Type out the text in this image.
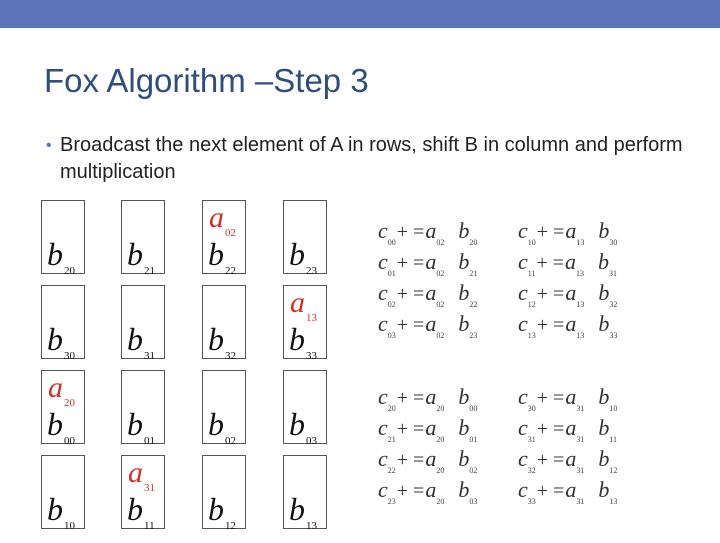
Fox Algorithm –Step 3
• Broadcast the next element of A in rows, shift B in column and perform multiplication
$b_{20}$ $b_{21}$
$a_{02}$
$b_{22}$ $b_{23}$
$b_{30}$ $b_{31}$ $b_{32}$
$a_{13}$
$b_{33}$
$a_{20}$
$b_{00}$ $b_{01}$ $b_{02}$ $b_{03}$
$b_{10}$
$a_{31}$
$b_{11}$ $b_{12}$ $b_{13}$
$c_{00}+ =a_{02}$ $b_{20}$ $c_{10}+ =a_{13}$ $b_{30}$
$c_{01}+ =a_{02}$ $b_{21}$ $c_{11}+ =a_{13}$ $b_{31}$
$c_{02}+ =a_{02}$ $b_{22}$ $c_{12}+ =a_{13}$ $b_{32}$
$c_{03}+ =a_{02}$ $b_{23}$ $c_{13}+ =a_{13}$ $b_{33}$
$c_{20}+ =a_{20}$ $b_{00}$ $c_{30}+ =a_{31}$ $b_{10}$
$c_{21}+ =a_{20}$ $b_{01}$ $c_{31}+ =a_{31}$ $b_{11}$
$c_{22}+ =a_{20}$ $b_{02}$ $c_{32}+ =a_{31}$ $b_{12}$
$c_{23}+ =a_{20}$ $b_{03}$ $c_{33}+ =a_{31}$ $b_{13}$
